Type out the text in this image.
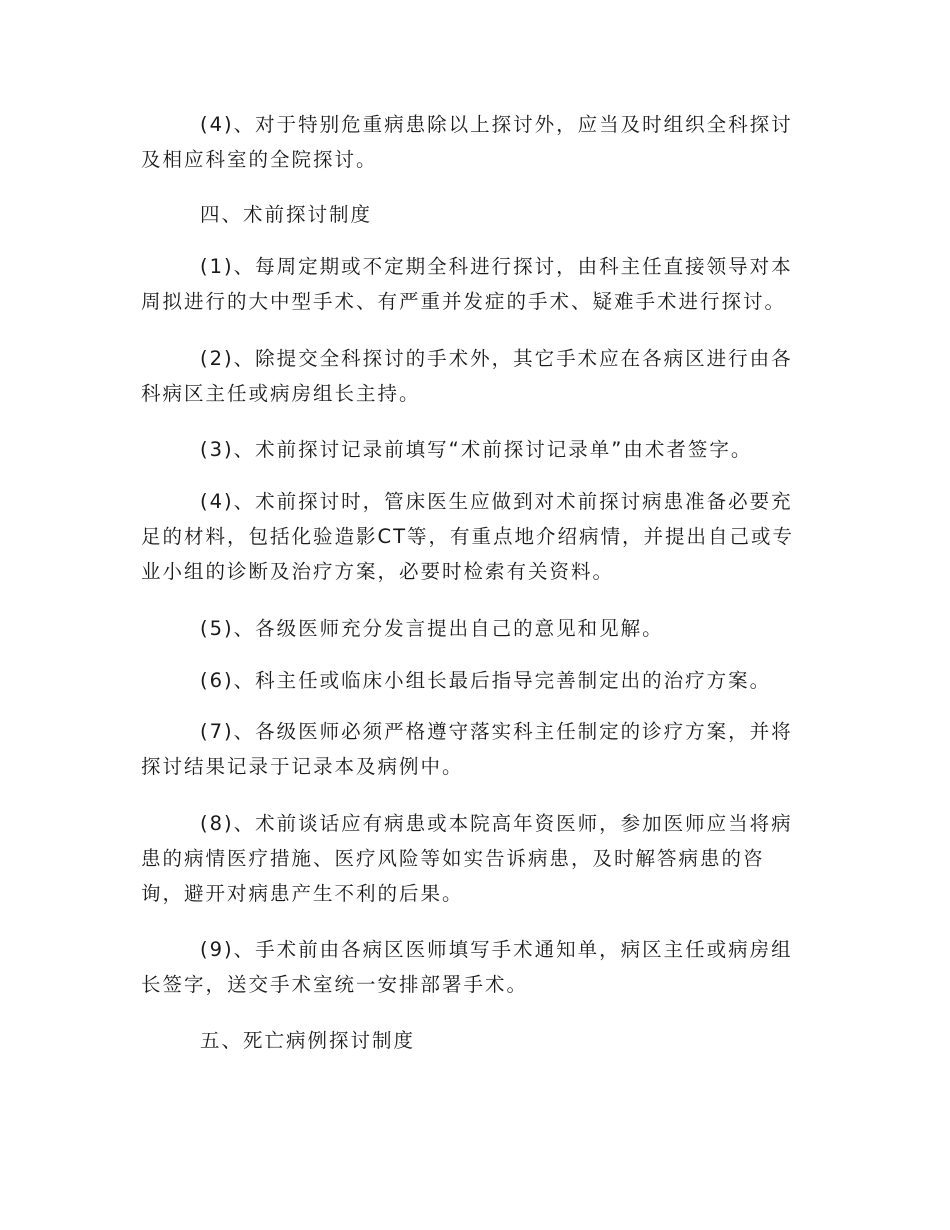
(4)、对于特别危重病患除以上探讨外，应当及时组织全科探讨
及相应科室的全院探讨。

四、术前探讨制度

(1)、每周定期或不定期全科进行探讨，由科主任直接领导对本
周拟进行的大中型手术、有严重并发症的手术、疑难手术进行探讨。

(2)、除提交全科探讨的手术外，其它手术应在各病区进行由各
科病区主任或病房组长主持。

(3)、术前探讨记录前填写“术前探讨记录单”由术者签字。

(4)、术前探讨时，管床医生应做到对术前探讨病患准备必要充
足的材料，包括化验造影CT等，有重点地介绍病情，并提出自己或专
业小组的诊断及治疗方案，必要时检索有关资料。

(5)、各级医师充分发言提出自己的意见和见解。

(6)、科主任或临床小组长最后指导完善制定出的治疗方案。

(7)、各级医师必须严格遵守落实科主任制定的诊疗方案，并将
探讨结果记录于记录本及病例中。

(8)、术前谈话应有病患或本院高年资医师，参加医师应当将病
患的病情医疗措施、医疗风险等如实告诉病患，及时解答病患的咨
询，避开对病患产生不利的后果。

(9)、手术前由各病区医师填写手术通知单，病区主任或病房组
长签字，送交手术室统一安排部署手术。

五、死亡病例探讨制度
